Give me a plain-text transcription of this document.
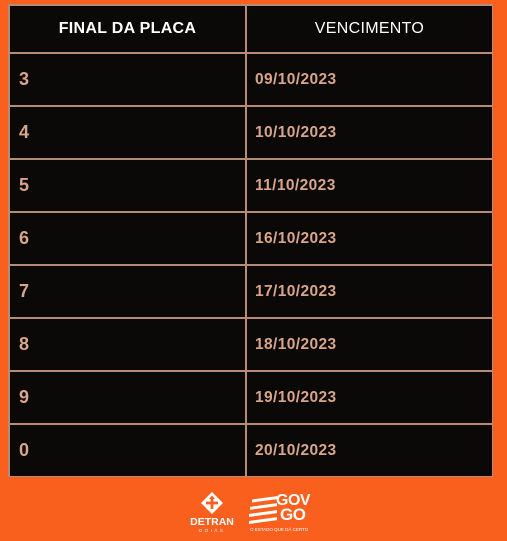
FINAL DA PLACA	VENCIMENTO
3	09/10/2023
4	10/10/2023
5	11/10/2023
6	16/10/2023
7	17/10/2023
8	18/10/2023
9	19/10/2023
0	20/10/2023
DETRAN
GOIÁS
GOV
GO
O ESTADO QUE DÁ CERTO
